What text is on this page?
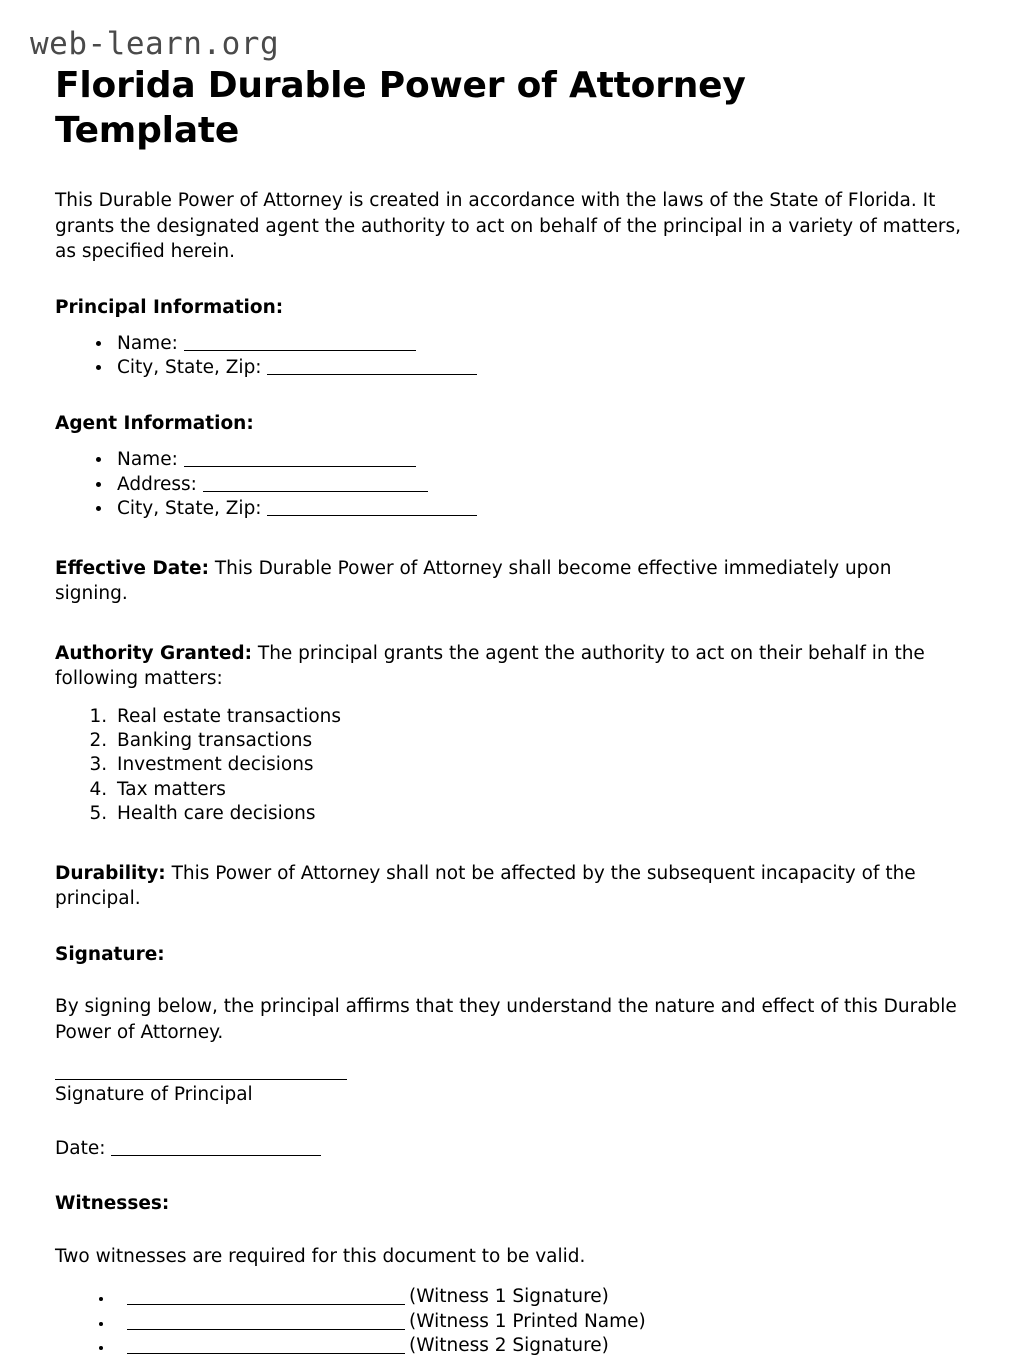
web-learn.org
Florida Durable Power of Attorney Template

This Durable Power of Attorney is created in accordance with the laws of the State of Florida. It grants the designated agent the authority to act on behalf of the principal in a variety of matters, as specified herein.

Principal Information:
• Name:
• City, State, Zip:
Agent Information:
• Name:
• Address:
• City, State, Zip:

Effective Date: This Durable Power of Attorney shall become effective immediately upon signing.

Authority Granted: The principal grants the agent the authority to act on their behalf in the following matters:

1. Real estate transactions
2. Banking transactions
3. Investment decisions
4. Tax matters
5. Health care decisions

Durability: This Power of Attorney shall not be affected by the subsequent incapacity of the principal.

Signature:

By signing below, the principal affirms that they understand the nature and effect of this Durable Power of Attorney.

Signature of Principal
Date:
Witnesses:

Two witnesses are required for this document to be valid.

• (Witness 1 Signature)
• (Witness 1 Printed Name)
• (Witness 2 Signature)
